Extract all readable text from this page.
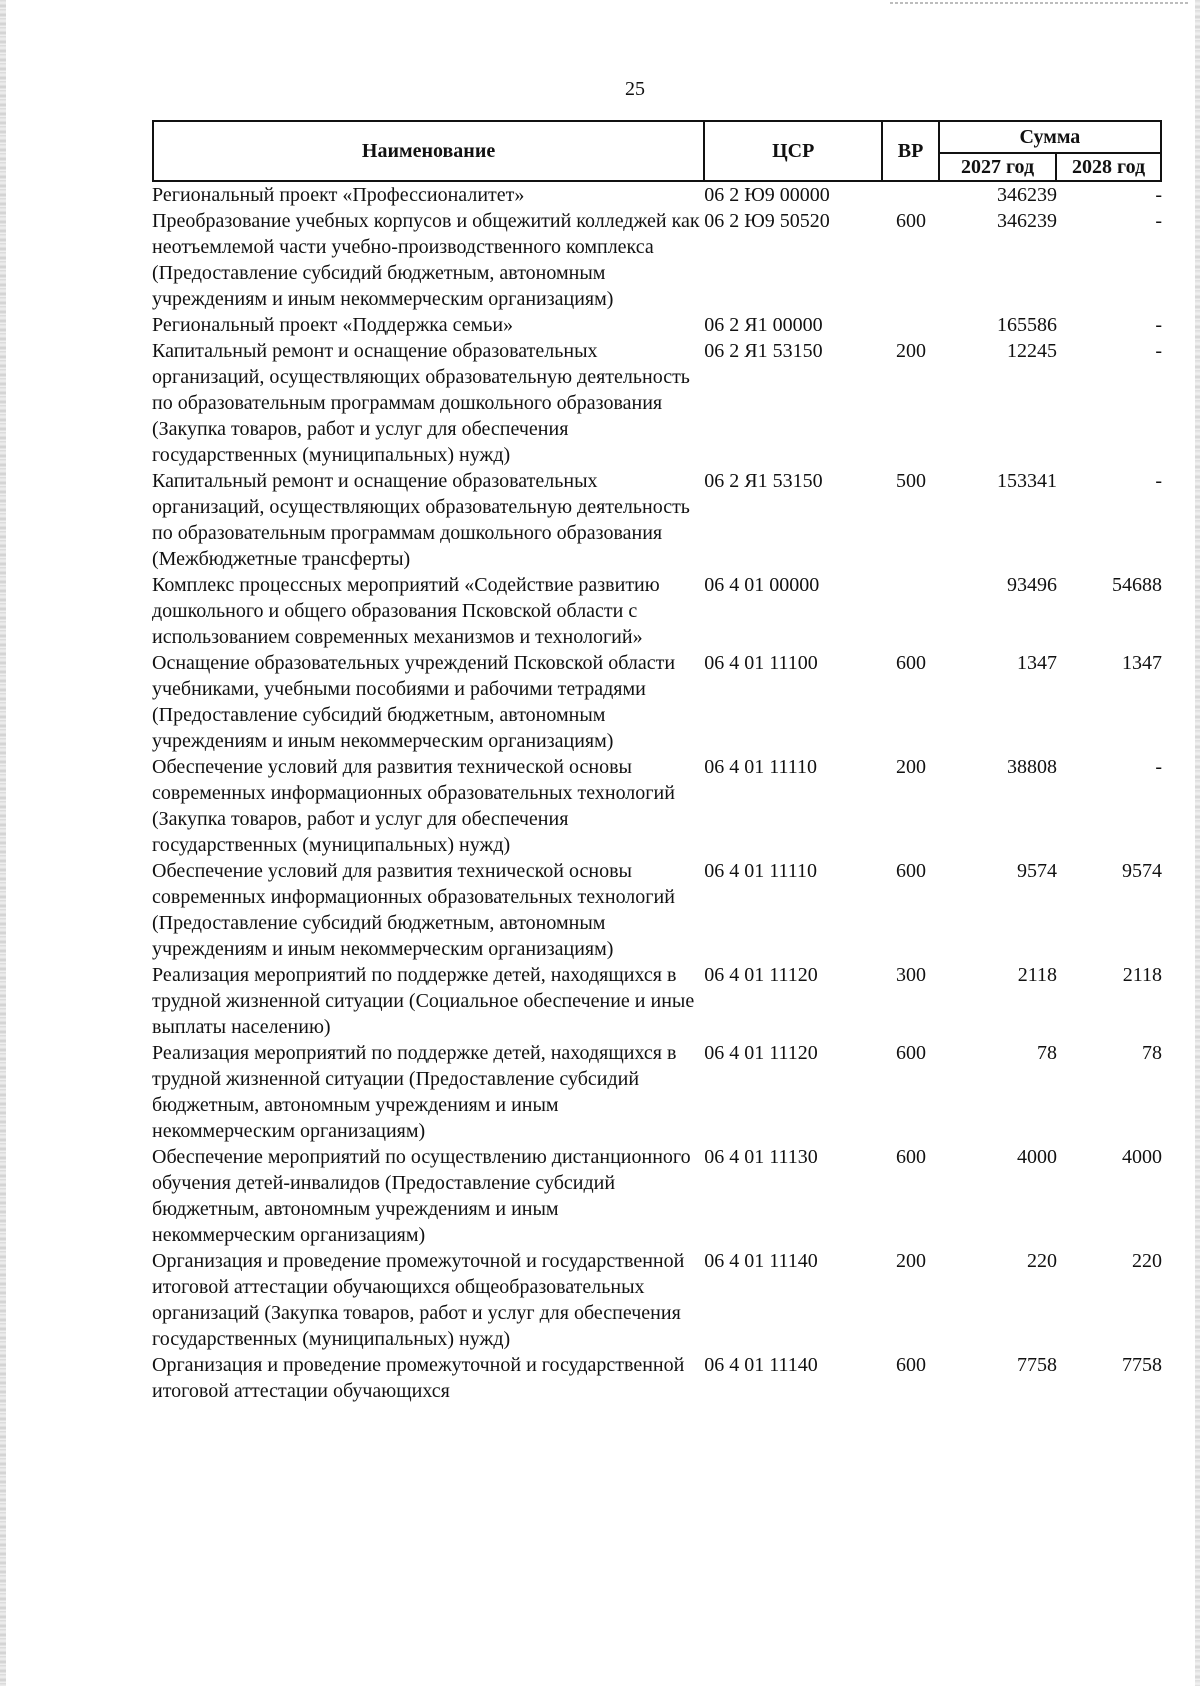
25
Наименование	ЦСР	ВР	Сумма	
			2027 год	2028 год
Региональный проект «Профессионалитет»	06 2 Ю9 00000		346239	-
Преобразование учебных корпусов и общежитий колледжей как неотъемлемой части учебно-производственного комплекса (Предоставление субсидий бюджетным, автономным учреждениям и иным некоммерческим организациям)	06 2 Ю9 50520	600	346239	-
Региональный проект «Поддержка семьи»	06 2 Я1 00000		165586	-
Капитальный ремонт и оснащение образовательных организаций, осуществляющих образовательную деятельность по образовательным программам дошкольного образования (Закупка товаров, работ и услуг для обеспечения государственных (муниципальных) нужд)	06 2 Я1 53150	200	12245	-
Капитальный ремонт и оснащение образовательных организаций, осуществляющих образовательную деятельность по образовательным программам дошкольного образования (Межбюджетные трансферты)	06 2 Я1 53150	500	153341	-
Комплекс процессных мероприятий «Содействие развитию дошкольного и общего образования Псковской области с использованием современных механизмов и технологий»	06 4 01 00000		93496	54688
Оснащение образовательных учреждений Псковской области учебниками, учебными пособиями и рабочими тетрадями (Предоставление субсидий бюджетным, автономным учреждениям и иным некоммерческим организациям)	06 4 01 11100	600	1347	1347
Обеспечение условий для развития технической основы современных информационных образовательных технологий (Закупка товаров, работ и услуг для обеспечения государственных (муниципальных) нужд)	06 4 01 11110	200	38808	-
Обеспечение условий для развития технической основы современных информационных образовательных технологий (Предоставление субсидий бюджетным, автономным учреждениям и иным некоммерческим организациям)	06 4 01 11110	600	9574	9574
Реализация мероприятий по поддержке детей, находящихся в трудной жизненной ситуации (Социальное обеспечение и иные выплаты населению)	06 4 01 11120	300	2118	2118
Реализация мероприятий по поддержке детей, находящихся в трудной жизненной ситуации (Предоставление субсидий бюджетным, автономным учреждениям и иным некоммерческим организациям)	06 4 01 11120	600	78	78
Обеспечение мероприятий по осуществлению дистанционного обучения детей-инвалидов (Предоставление субсидий бюджетным, автономным учреждениям и иным некоммерческим организациям)	06 4 01 11130	600	4000	4000
Организация и проведение промежуточной и государственной итоговой аттестации обучающихся общеобразовательных организаций (Закупка товаров, работ и услуг для обеспечения государственных (муниципальных) нужд)	06 4 01 11140	200	220	220
Организация и проведение промежуточной и государственной итоговой аттестации обучающихся	06 4 01 11140	600	7758	7758
